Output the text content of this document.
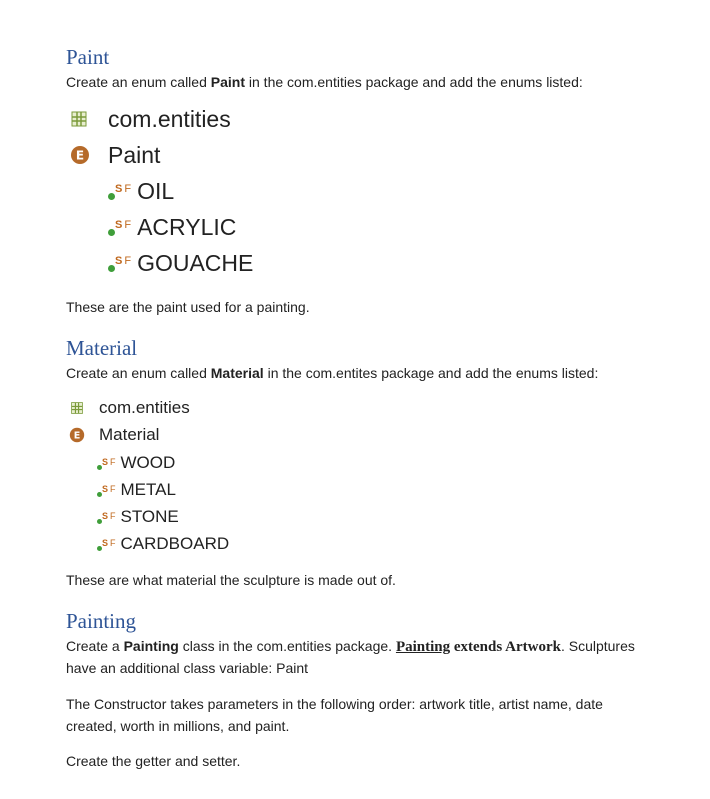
Paint
Create an enum called Paint in the com.entities package and add the enums listed:
com.entities
E Paint
S F OIL
S F ACRYLIC
S F GOUACHE
These are the paint used for a painting.
Material
Create an enum called Material in the com.entites package and add the enums listed:
com.entities
E Material
S F WOOD
S F METAL
S F STONE
S F CARDBOARD
These are what material the sculpture is made out of.
Painting
Create a Painting class in the com.entities package. Painting extends Artwork. Sculptures
have an additional class variable: Paint
The Constructor takes parameters in the following order: artwork title, artist name, date created, worth in millions, and paint.
Create the getter and setter.
